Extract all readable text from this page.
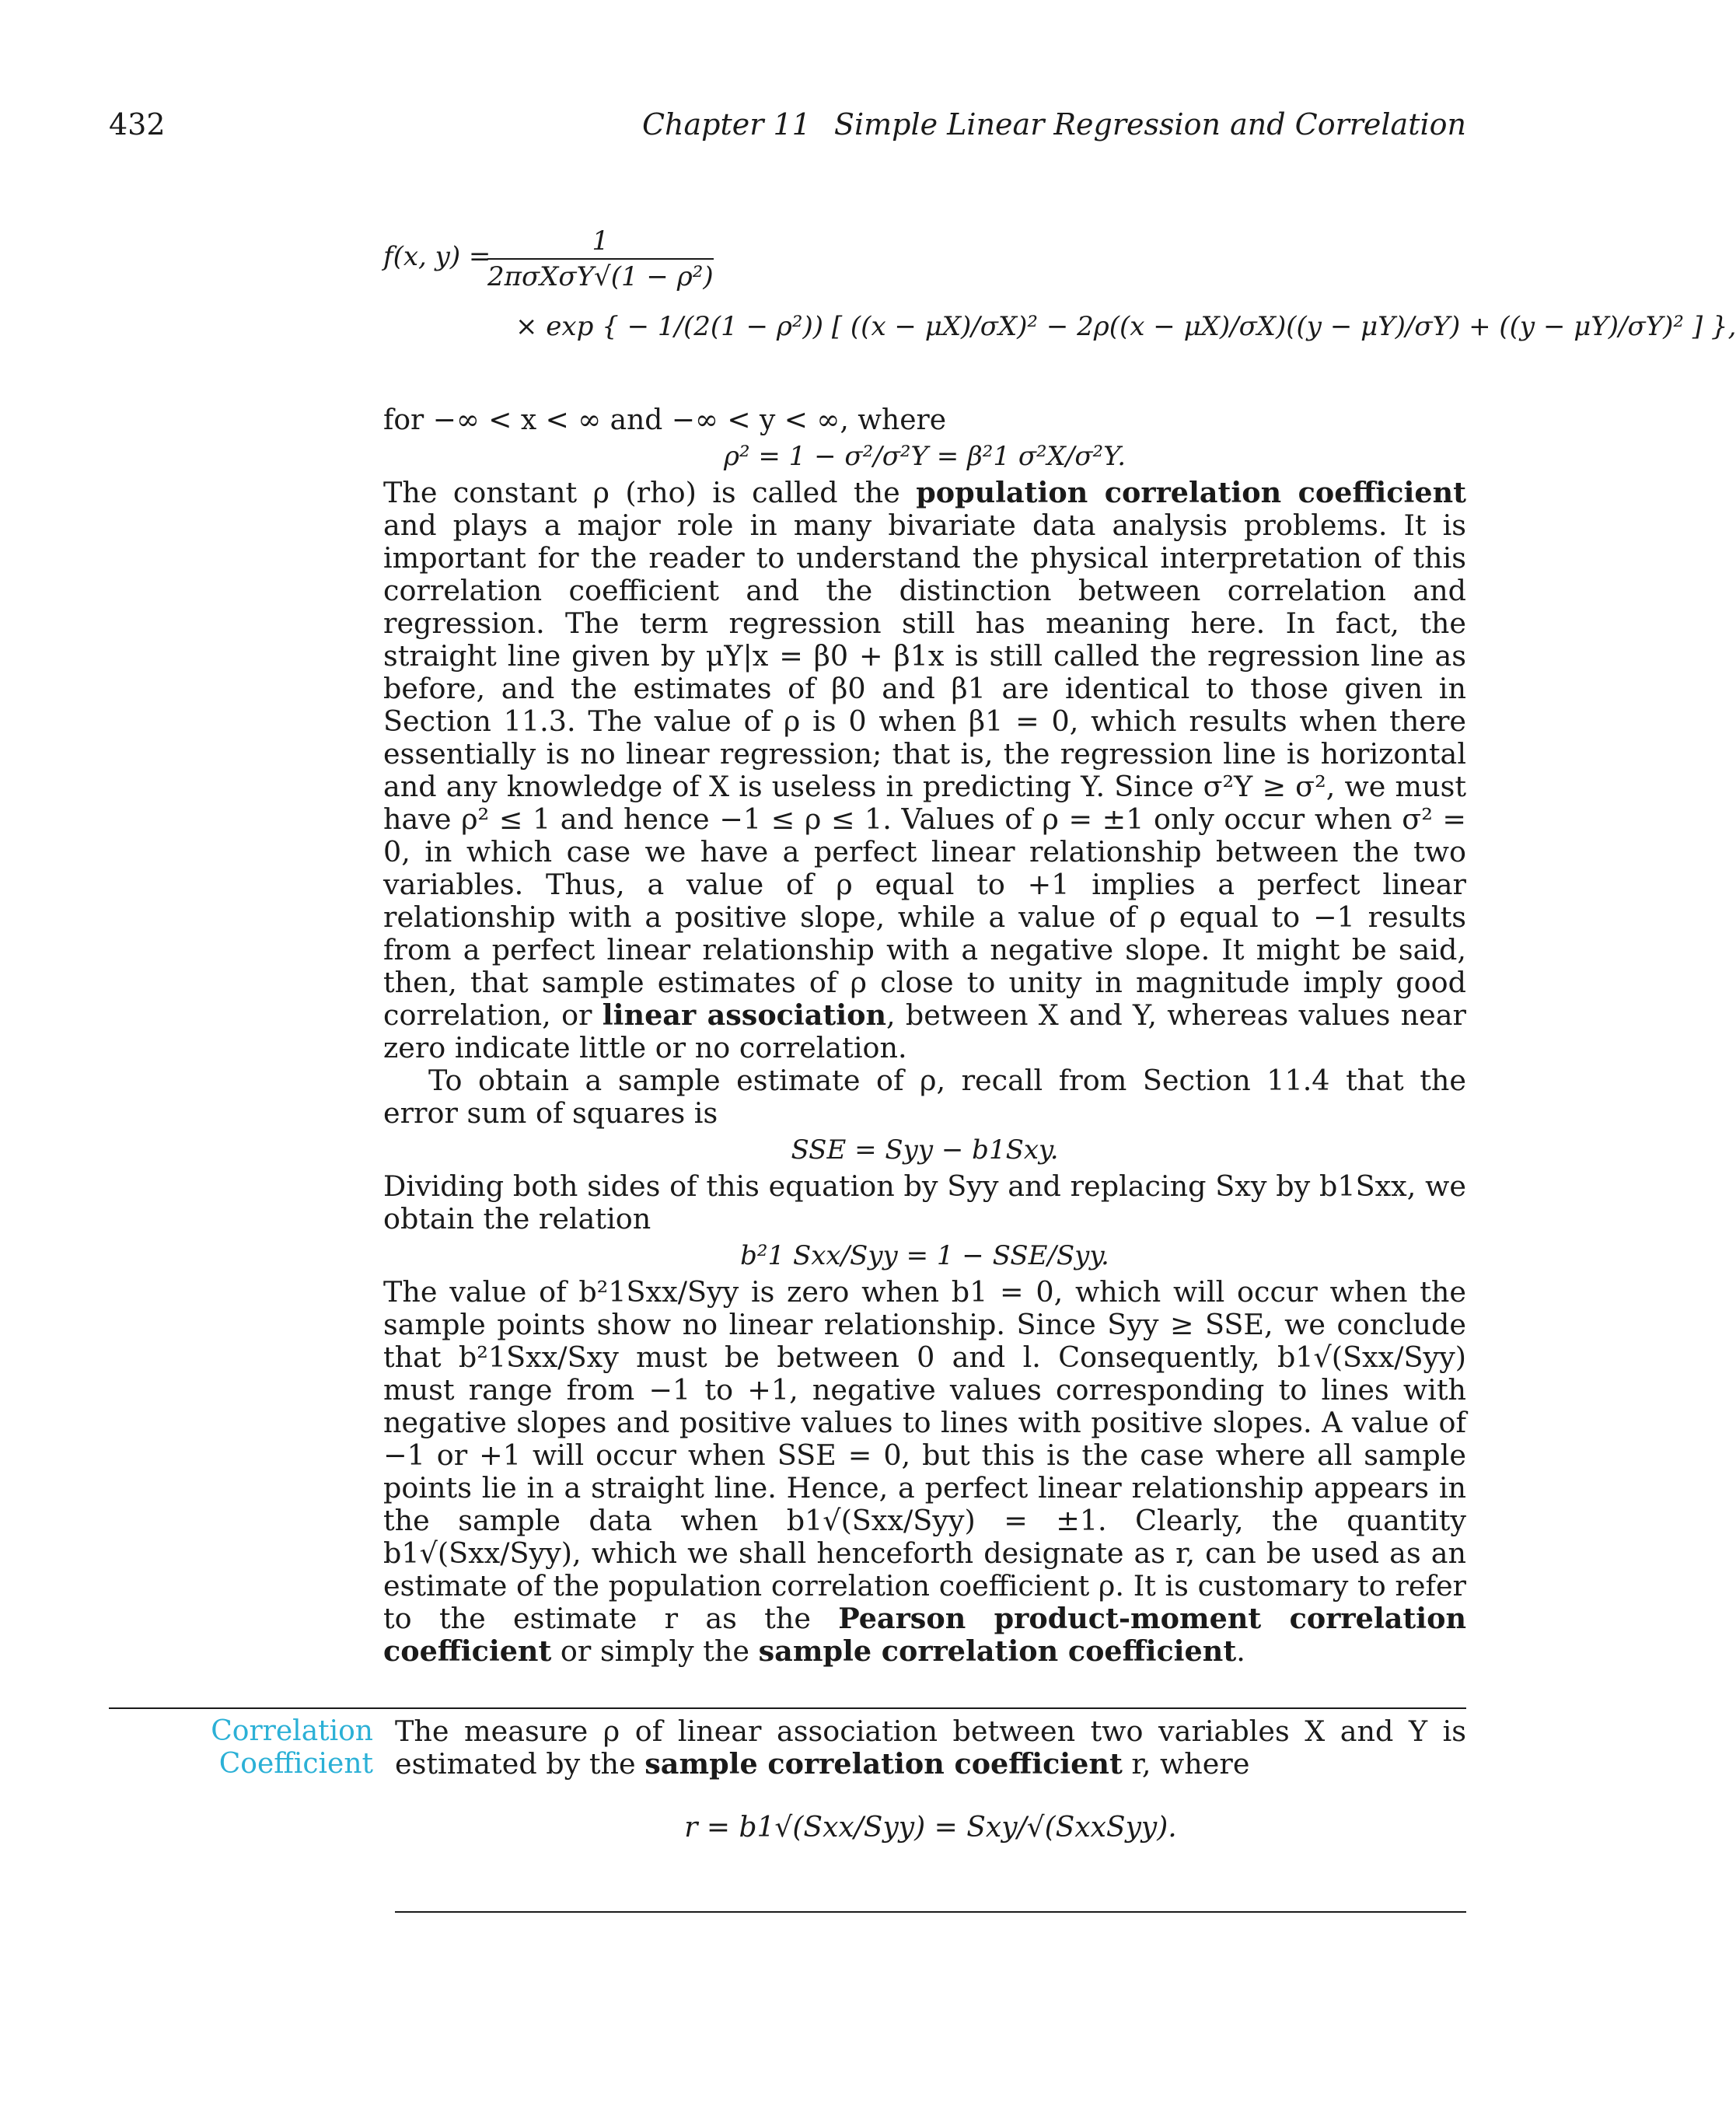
432	Chapter 11 Simple Linear Regression and Correlation
f(x, y) =
$\frac{1}{\text{2πσXσY√(1 − ρ²)}}$
× exp { − 1/(2(1 − ρ²)) [ ((x − μX)/σX)² − 2ρ((x − μX)/σX)((y − μY)/σY) + ((y − μY)/σY)² ] },

for −∞ < x < ∞ and −∞ < y < ∞, where

ρ² = 1 − σ²/σ²Y = β²1 σ²X/σ²Y.

The constant ρ (rho) is called the population correlation coefficient and plays a major role in many bivariate data analysis problems. It is important for the reader to understand the physical interpretation of this correlation coefficient and the distinction between correlation and regression. The term regression still has meaning here. In fact, the straight line given by μY|x = β0 + β1x is still called the regression line as before, and the estimates of β0 and β1 are identical to those given in Section 11.3. The value of ρ is 0 when β1 = 0, which results when there essentially is no linear regression; that is, the regression line is horizontal and any knowledge of X is useless in predicting Y. Since σ²Y ≥ σ², we must have ρ² ≤ 1 and hence −1 ≤ ρ ≤ 1. Values of ρ = ±1 only occur when σ² = 0, in which case we have a perfect linear relationship between the two variables. Thus, a value of ρ equal to +1 implies a perfect linear relationship with a positive slope, while a value of ρ equal to −1 results from a perfect linear relationship with a negative slope. It might be said, then, that sample estimates of ρ close to unity in magnitude imply good correlation, or linear association, between X and Y, whereas values near zero indicate little or no correlation.

To obtain a sample estimate of ρ, recall from Section 11.4 that the error sum of squares is

SSE = Syy − b1Sxy.

Dividing both sides of this equation by Syy and replacing Sxy by b1Sxx, we obtain the relation

b²1 Sxx/Syy = 1 − SSE/Syy.

The value of b²1Sxx/Syy is zero when b1 = 0, which will occur when the sample points show no linear relationship. Since Syy ≥ SSE, we conclude that b²1Sxx/Sxy must be between 0 and l. Consequently, b1√(Sxx/Syy) must range from −1 to +1, negative values corresponding to lines with negative slopes and positive values to lines with positive slopes. A value of −1 or +1 will occur when SSE = 0, but this is the case where all sample points lie in a straight line. Hence, a perfect linear relationship appears in the sample data when b1√(Sxx/Syy) = ±1. Clearly, the quantity b1√(Sxx/Syy), which we shall henceforth designate as r, can be used as an estimate of the population correlation coefficient ρ. It is customary to refer to the estimate r as the Pearson product-moment correlation coefficient or simply the sample correlation coefficient.

Correlation
Coefficient
The measure ρ of linear association between two variables X and Y is estimated by the sample correlation coefficient r, where
r = b1√(Sxx/Syy) = Sxy/√(SxxSyy).
